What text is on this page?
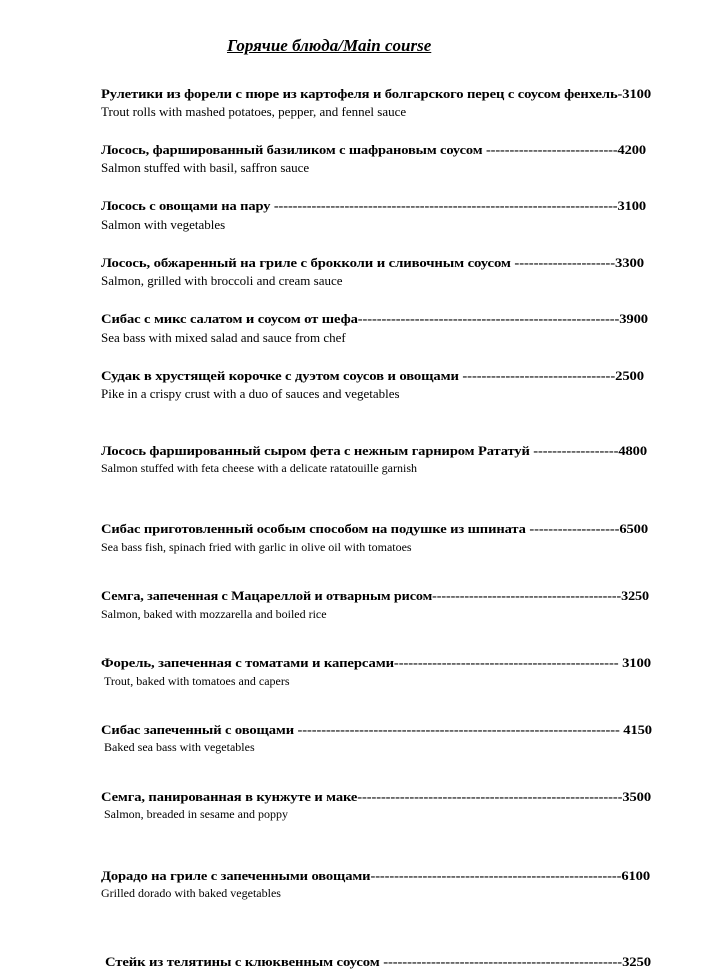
Горячие блюда/Main course
Рулетики из форели с пюре из картофеля и болгарского перец с соусом фенхель-3100
Trout rolls with mashed potatoes, pepper, and fennel sauce
Лосось, фаршированный базиликом с шафрановым соусом ----------------------------4200
Salmon stuffed with basil, saffron sauce
Лосось с овощами на пару -------------------------------------------------------------------------3100
Salmon with vegetables
Лосось, обжаренный на гриле с брокколи и сливочным соусом ---------------------3300
Salmon, grilled with broccoli and cream sauce
Сибас с микс салатом и соусом от шефа-------------------------------------------------------3900
Sea bass with mixed salad and sauce from chef
Судак в хрустящей корочке с дуэтом соусов и овощами --------------------------------2500
Pike in a crispy crust with a duo of sauces and vegetables
Лосось фаршированный сыром фета с нежным гарниром Рататуй ------------------4800
Salmon stuffed with feta cheese with a delicate ratatouille garnish
Сибас приготовленный особым способом на подушке из шпината -------------------6500
Sea bass fish, spinach fried with garlic in olive oil with tomatoes
Семга, запеченная с Мацареллой и отварным рисом-----------------------------------------3250
Salmon, baked with mozzarella and boiled rice
Форель, запеченная с томатами и каперсами----------------------------------------------- 3100
Trout, baked with tomatoes and capers
Сибас запеченный с овощами -------------------------------------------------------------------- 4150
Baked sea bass with vegetables
Семга, панированная в кунжуте и маке--------------------------------------------------------3500
Salmon, breaded in sesame and poppy
Дорадо на гриле с запеченными овощами-----------------------------------------------------6100
Grilled dorado with baked vegetables
Стейк из телятины с клюквенным соусом --------------------------------------------------3250
